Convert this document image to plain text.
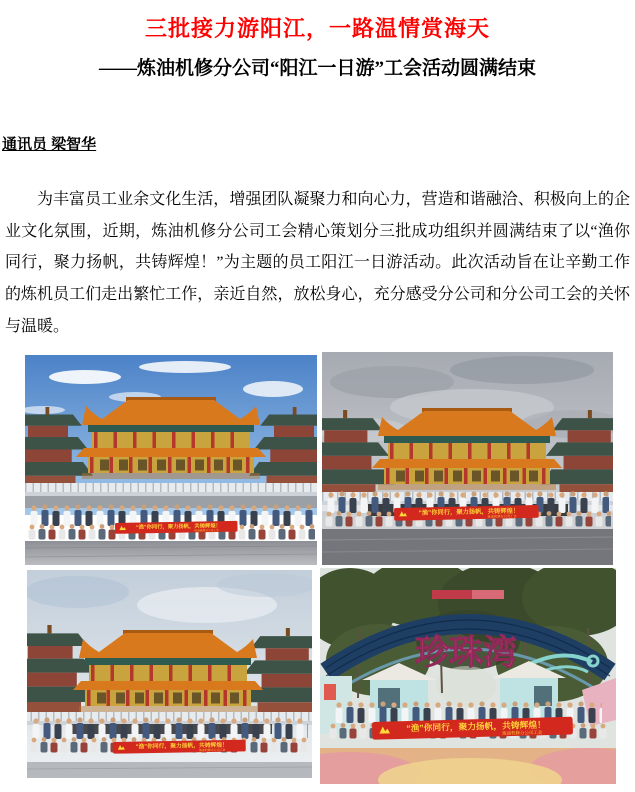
三批接力游阳江，一路温情赏海天
——炼油机修分公司“阳江一日游”工会活动圆满结束
通讯员 梁智华

为丰富员工业余文化生活，增强团队凝聚力和向心力，营造和谐融洽、积极向上的企业文化氛围，近期，炼油机修分公司工会精心策划分三批成功组织并圆满结束了以“渔你同行，聚力扬帆，共铸辉煌！”为主题的员工阳江一日游活动。此次活动旨在让辛勤工作的炼机员工们走出繁忙工作，亲近自然，放松身心，充分感受分公司和分公司工会的关怀与温暖。

珍珠湾
